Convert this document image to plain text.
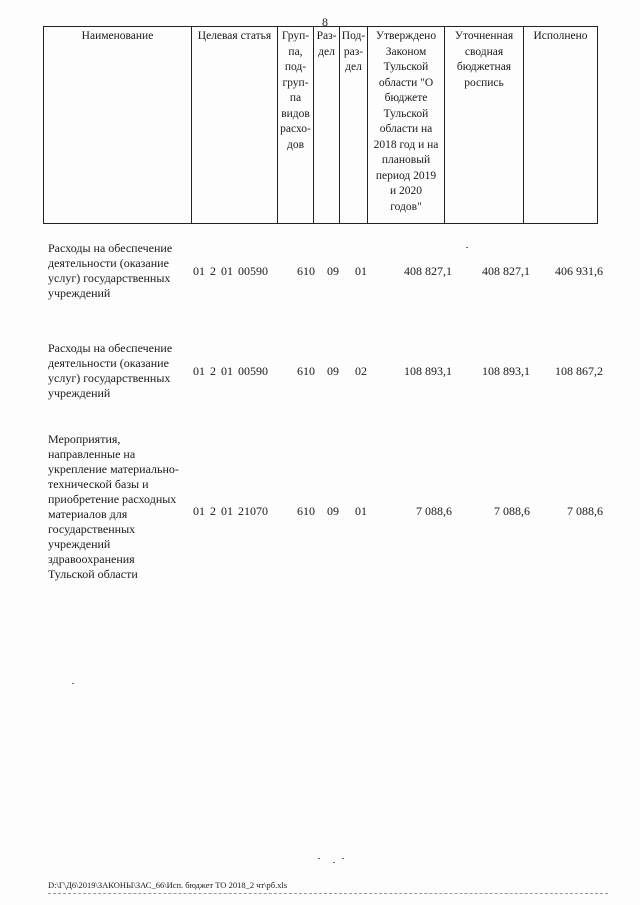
8
Наименование	Целевая статья	Груп-
па,
под-
груп-
па
видов
расхо-
дов	Раз-
дел	Под-
раз-
дел	Утверждено
Законом
Тульской
области "О
бюджете
Тульской
области на
2018 год и на
плановый
период 2019
и 2020
годов"	Уточненная
сводная
бюджетная
роспись	Исполнено
Расходы на обеспечение
деятельности (оказание
услуг) государственных
учреждений
01 2 01 00590	610	09	01	408 827,1	408 827,1	406 931,6
Расходы на обеспечение
деятельности (оказание
услуг) государственных
учреждений
01 2 01 00590	610	09	02	108 893,1	108 893,1	108 867,2
Мероприятия,
направленные на
укрепление материально-
технической базы и
приобретение расходных
материалов для
государственных
учреждений
здравоохранения
Тульской области
01 2 01 21070	610	09	01	7 088,6	7 088,6	7 088,6
D:\Г\Д6\2019\ЗАКОНЫ\ЗАС_66\Исп. бюджет ТО 2018_2 чт\рб.xls
